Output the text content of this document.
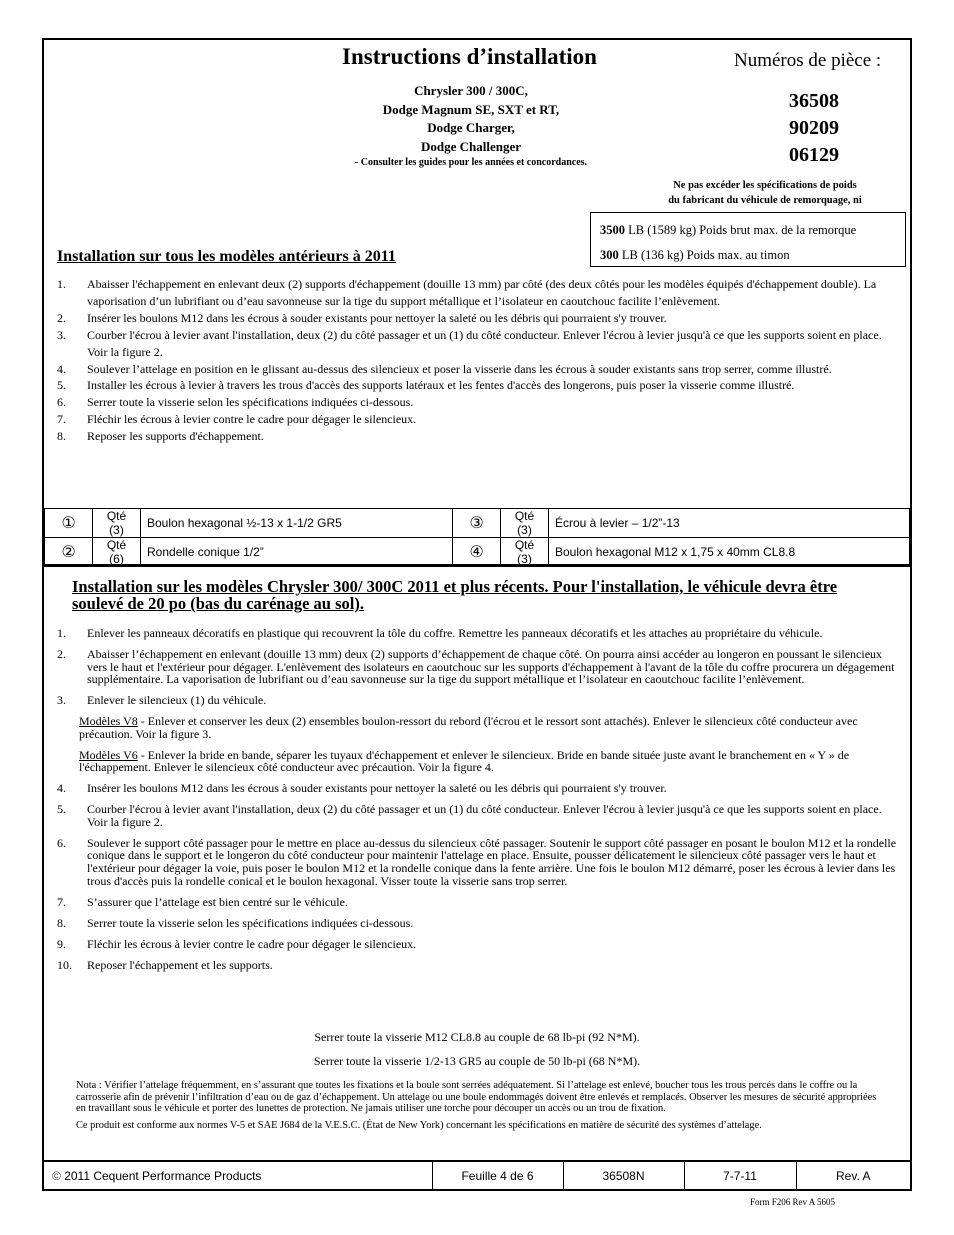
Instructions d’installation	Numéros de pièce :
Chrysler 300 / 300C,
Dodge Magnum SE, SXT et RT,
Dodge Charger,
Dodge Challenger
- Consulter les guides pour les années et concordances.
36508
90209
06129
Ne pas excéder les spécifications de poids
du fabricant du véhicule de remorquage, ni
3500 LB (1589 kg) Poids brut max. de la remorque
300 LB (136 kg) Poids max. au timon
Installation sur tous les modèles antérieurs à 2011
1.	Abaisser l'échappement en enlevant deux (2) supports d'échappement (douille 13 mm) par côté (des deux côtés pour les modèles équipés d'échappement double). La vaporisation d’un lubrifiant ou d’eau savonneuse sur la tige du support métallique et l’isolateur en caoutchouc facilite l’enlèvement.
2.	Insérer les boulons M12 dans les écrous à souder existants pour nettoyer la saleté ou les débris qui pourraient s'y trouver.
3.	Courber l'écrou à levier avant l'installation, deux (2) du côté passager et un (1) du côté conducteur. Enlever l'écrou à levier jusqu'à ce que les supports soient en place. Voir la figure 2.
4.	Soulever l’attelage en position en le glissant au-dessus des silencieux et poser la visserie dans les écrous à souder existants sans trop serrer, comme illustré.
5.	Installer les écrous à levier à travers les trous d'accès des supports latéraux et les fentes d'accès des longerons, puis poser la visserie comme illustré.
6.	Serrer toute la visserie selon les spécifications indiquées ci-dessous.
7.	Fléchir les écrous à levier contre le cadre pour dégager le silencieux.
8.	Reposer les supports d'échappement.
①	Qté (3)	Boulon hexagonal ½-13 x 1-1/2 GR5	③	Qté (3)	Écrou à levier – 1/2”-13
②	Qté (6)	Rondelle conique 1/2”	④	Qté (3)	Boulon hexagonal M12 x 1,75 x 40mm CL8.8
Installation sur les modèles Chrysler 300/ 300C 2011 et plus récents. Pour l'installation, le véhicule devra être soulevé de 20 po (bas du carénage au sol).
1.	Enlever les panneaux décoratifs en plastique qui recouvrent la tôle du coffre. Remettre les panneaux décoratifs et les attaches au propriétaire du véhicule.
2.	Abaisser l’échappement en enlevant (douille 13 mm) deux (2) supports d’échappement de chaque côté. On pourra ainsi accéder au longeron en poussant le silencieux vers le haut et l'extérieur pour dégager. L'enlèvement des isolateurs en caoutchouc sur les supports d'échappement à l'avant de la tôle du coffre procurera un dégagement supplémentaire. La vaporisation de lubrifiant ou d’eau savonneuse sur la tige du support métallique et l’isolateur en caoutchouc facilite l’enlèvement.
3.	Enlever le silencieux (1) du véhicule.
Modèles V8 - Enlever et conserver les deux (2) ensembles boulon-ressort du rebord (l'écrou et le ressort sont attachés). Enlever le silencieux côté conducteur avec précaution. Voir la figure 3.
Modèles V6 - Enlever la bride en bande, séparer les tuyaux d'échappement et enlever le silencieux. Bride en bande située juste avant le branchement en « Y » de l'échappement. Enlever le silencieux côté conducteur avec précaution. Voir la figure 4.
4.	Insérer les boulons M12 dans les écrous à souder existants pour nettoyer la saleté ou les débris qui pourraient s'y trouver.
5.	Courber l'écrou à levier avant l'installation, deux (2) du côté passager et un (1) du côté conducteur. Enlever l'écrou à levier jusqu'à ce que les supports soient en place. Voir la figure 2.
6.	Soulever le support côté passager pour le mettre en place au-dessus du silencieux côté passager. Soutenir le support côté passager en posant le boulon M12 et la rondelle conique dans le support et le longeron du côté conducteur pour maintenir l'attelage en place. Ensuite, pousser délicatement le silencieux côté passager vers le haut et l'extérieur pour dégager la voie, puis poser le boulon M12 et la rondelle conique dans la fente arrière. Une fois le boulon M12 démarré, poser les écrous à levier dans les trous d'accès puis la rondelle conical et le boulon hexagonal. Visser toute la visserie sans trop serrer.
7.	S’assurer que l’attelage est bien centré sur le véhicule.
8.	Serrer toute la visserie selon les spécifications indiquées ci-dessous.
9.	Fléchir les écrous à levier contre le cadre pour dégager le silencieux.
10.	Reposer l'échappement et les supports.
Serrer toute la visserie M12 CL8.8 au couple de 68 lb-pi (92 N*M).
Serrer toute la visserie 1/2-13 GR5 au couple de 50 lb-pi (68 N*M).

Nota : Vérifier l’attelage fréquemment, en s’assurant que toutes les fixations et la boule sont serrées adéquatement. Si l’attelage est enlevé, boucher tous les trous percés dans le coffre ou la carrosserie afin de prévenir l’infiltration d’eau ou de gaz d’échappement. Un attelage ou une boule endommagés doivent être enlevés et remplacés. Observer les mesures de sécurité appropriées en travaillant sous le véhicule et porter des lunettes de protection. Ne jamais utiliser une torche pour découper un accès ou un trou de fixation.

Ce produit est conforme aux normes V-5 et SAE J684 de la V.E.S.C. (État de New York) concernant les spécifications en matière de sécurité des systèmes d’attelage.

© 2011 Cequent Performance Products	Feuille 4 de 6	36508N	7-7-11	Rev. A
Form F206 Rev A 5605
